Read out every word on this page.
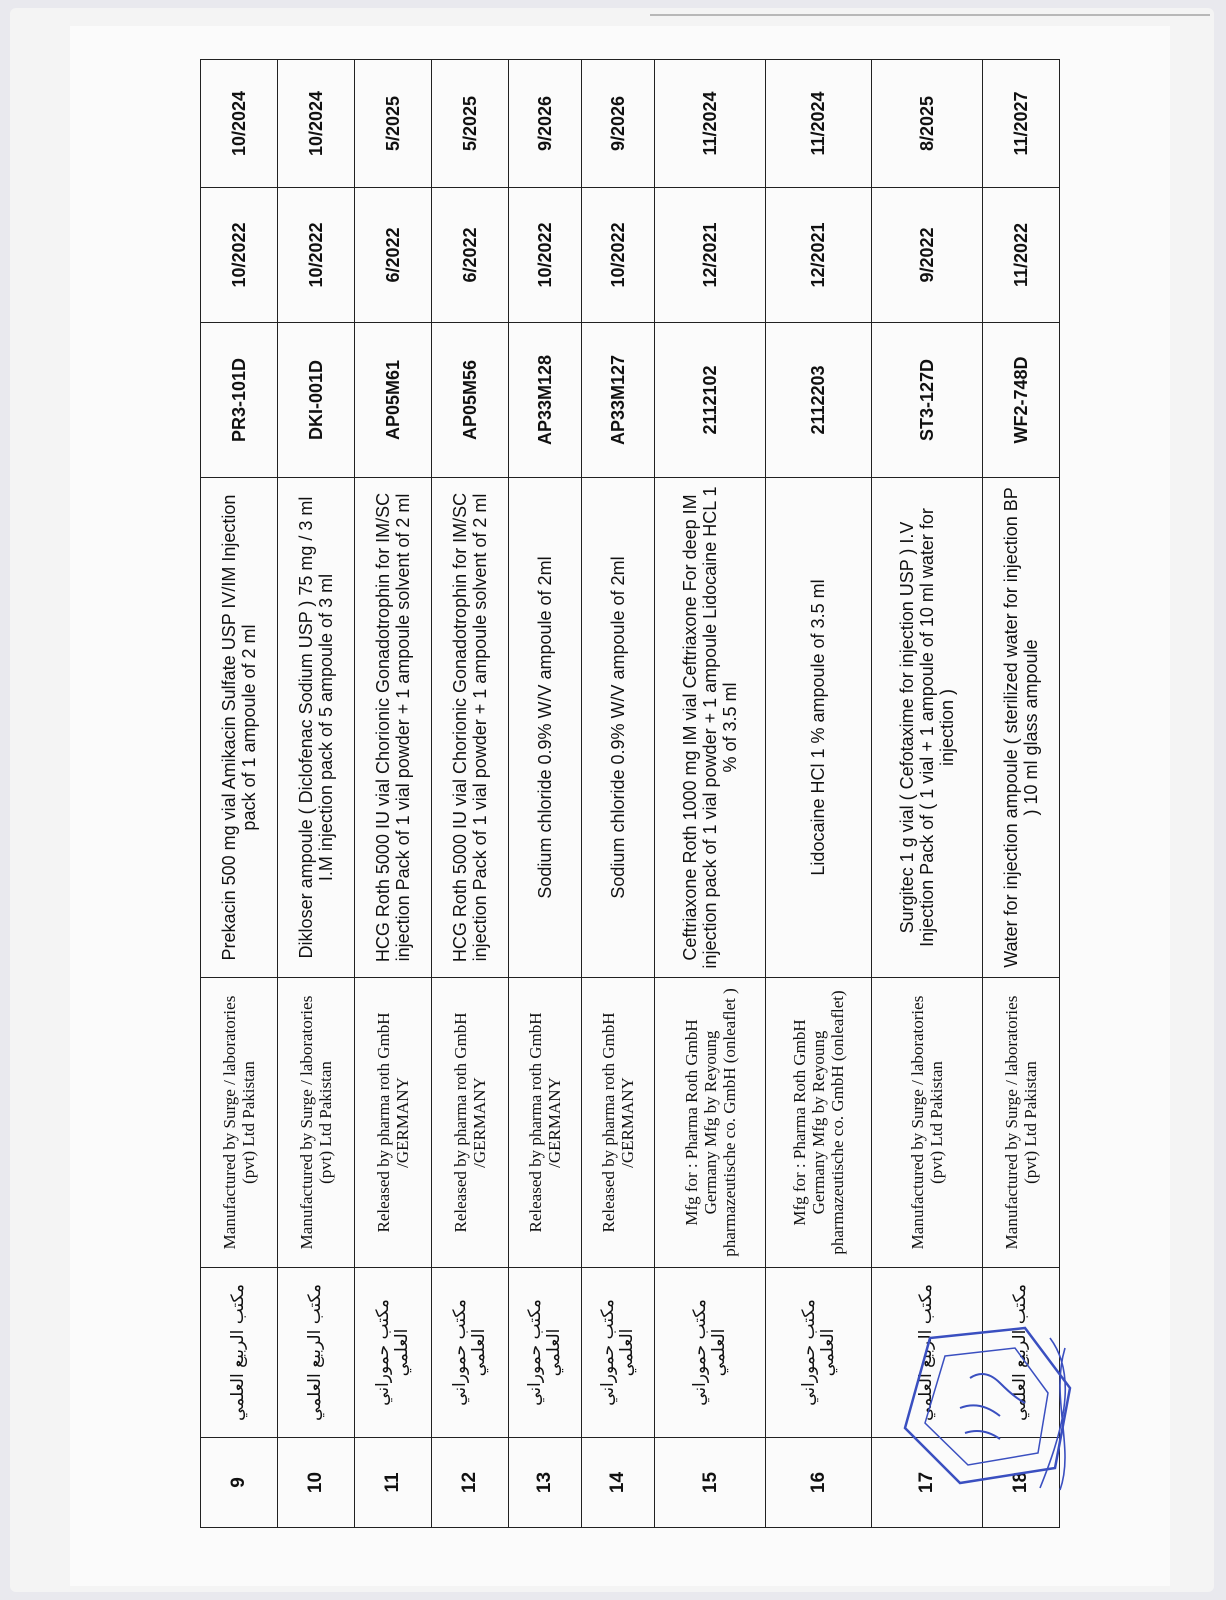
9	مكتب الربيع العلمي	Manufactured by Surge / laboratories (pvt) Ltd Pakistan	Prekacin 500 mg vial Amikacin Sulfate USP IV/IM Injection pack of 1 ampoule of 2 ml	PR3-101D	10/2022	10/2024
10	مكتب الربيع العلمي	Manufactured by Surge / laboratories (pvt) Ltd Pakistan	Dikloser ampoule ( Diclofenac Sodium USP ) 75 mg / 3 ml I.M injection pack of 5 ampoule of 3 ml	DKI-001D	10/2022	10/2024
11	مكتب حموراني العلمي	Released by pharma roth GmbH /GERMANY	HCG Roth 5000 IU vial Chorionic Gonadotrophin for IM/SC injection Pack of 1 vial powder + 1 ampoule solvent of 2 ml	AP05M61	6/2022	5/2025
12	مكتب حموراني العلمي	Released by pharma roth GmbH /GERMANY	HCG Roth 5000 IU vial Chorionic Gonadotrophin for IM/SC injection Pack of 1 vial powder + 1 ampoule solvent of 2 ml	AP05M56	6/2022	5/2025
13	مكتب حموراني العلمي	Released by pharma roth GmbH /GERMANY	Sodium chloride 0.9% W/V ampoule of 2ml	AP33M128	10/2022	9/2026
14	مكتب حموراني العلمي	Released by pharma roth GmbH /GERMANY	Sodium chloride 0.9% W/V ampoule of 2ml	AP33M127	10/2022	9/2026
15	مكتب حموراني العلمي	Mfg for : Pharma Roth GmbH Germany Mfg by Reyoung pharmazeutische co. GmbH (onleaflet )	Ceftriaxone Roth 1000 mg IM vial Ceftriaxone For deep IM injection pack of 1 vial powder + 1 ampoule Lidocaine HCL 1 % of 3.5 ml	2112102	12/2021	11/2024
16	مكتب حموراني العلمي	Mfg for : Pharma Roth GmbH Germany Mfg by Reyoung pharmazeutische co. GmbH (onleaflet)	Lidocaine HCl 1 % ampoule of 3.5 ml	2112203	12/2021	11/2024
17	مكتب الربيع العلمي	Manufactured by Surge / laboratories (pvt) Ltd Pakistan	Surgitec 1 g vial ( Cefotaxime for injection USP ) I.V Injection Pack of ( 1 vial + 1 ampoule of 10 ml water for injection )	ST3-127D	9/2022	8/2025
18	مكتب الربيع العلمي	Manufactured by Surge / laboratories (pvt) Ltd Pakistan	Water for injection ampoule ( sterilized water for injection BP ) 10 ml glass ampoule	WF2-748D	11/2022	11/2027
